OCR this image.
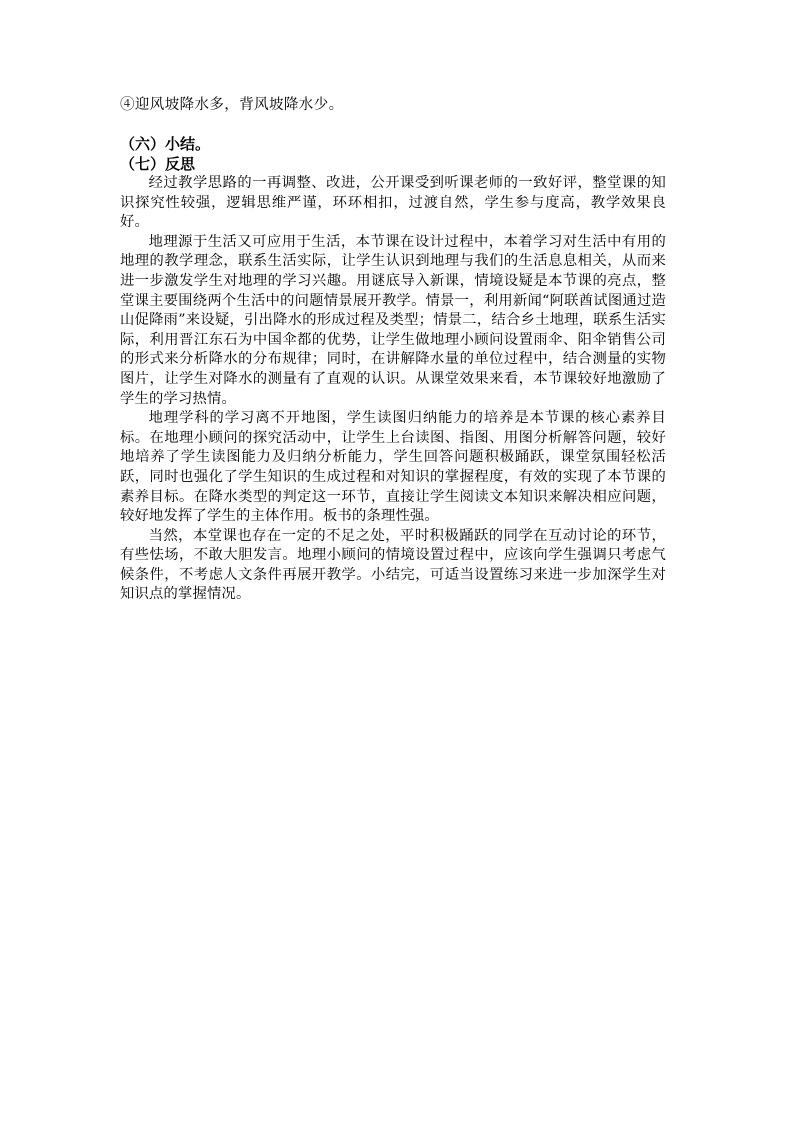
④迎风坡降水多，背风坡降水少。

（六）小结。

（七）反思

经过教学思路的一再调整、改进，公开课受到听课老师的一致好评，整堂课的知识探究性较强，逻辑思维严谨，环环相扣，过渡自然，学生参与度高，教学效果良好。

地理源于生活又可应用于生活，本节课在设计过程中，本着学习对生活中有用的地理的教学理念，联系生活实际，让学生认识到地理与我们的生活息息相关，从而来进一步激发学生对地理的学习兴趣。用谜底导入新课，情境设疑是本节课的亮点，整堂课主要围绕两个生活中的问题情景展开教学。情景一，利用新闻“阿联酋试图通过造山促降雨”来设疑，引出降水的形成过程及类型；情景二，结合乡土地理，联系生活实际，利用晋江东石为中国伞都的优势，让学生做地理小顾问设置雨伞、阳伞销售公司的形式来分析降水的分布规律；同时，在讲解降水量的单位过程中，结合测量的实物图片，让学生对降水的测量有了直观的认识。从课堂效果来看，本节课较好地激励了学生的学习热情。

地理学科的学习离不开地图，学生读图归纳能力的培养是本节课的核心素养目标。在地理小顾问的探究活动中，让学生上台读图、指图、用图分析解答问题，较好地培养了学生读图能力及归纳分析能力，学生回答问题积极踊跃，课堂氛围轻松活跃，同时也强化了学生知识的生成过程和对知识的掌握程度，有效的实现了本节课的素养目标。在降水类型的判定这一环节，直接让学生阅读文本知识来解决相应问题，较好地发挥了学生的主体作用。板书的条理性强。

当然，本堂课也存在一定的不足之处，平时积极踊跃的同学在互动讨论的环节，有些怯场，不敢大胆发言。地理小顾问的情境设置过程中，应该向学生强调只考虑气候条件，不考虑人文条件再展开教学。小结完，可适当设置练习来进一步加深学生对知识点的掌握情况。
